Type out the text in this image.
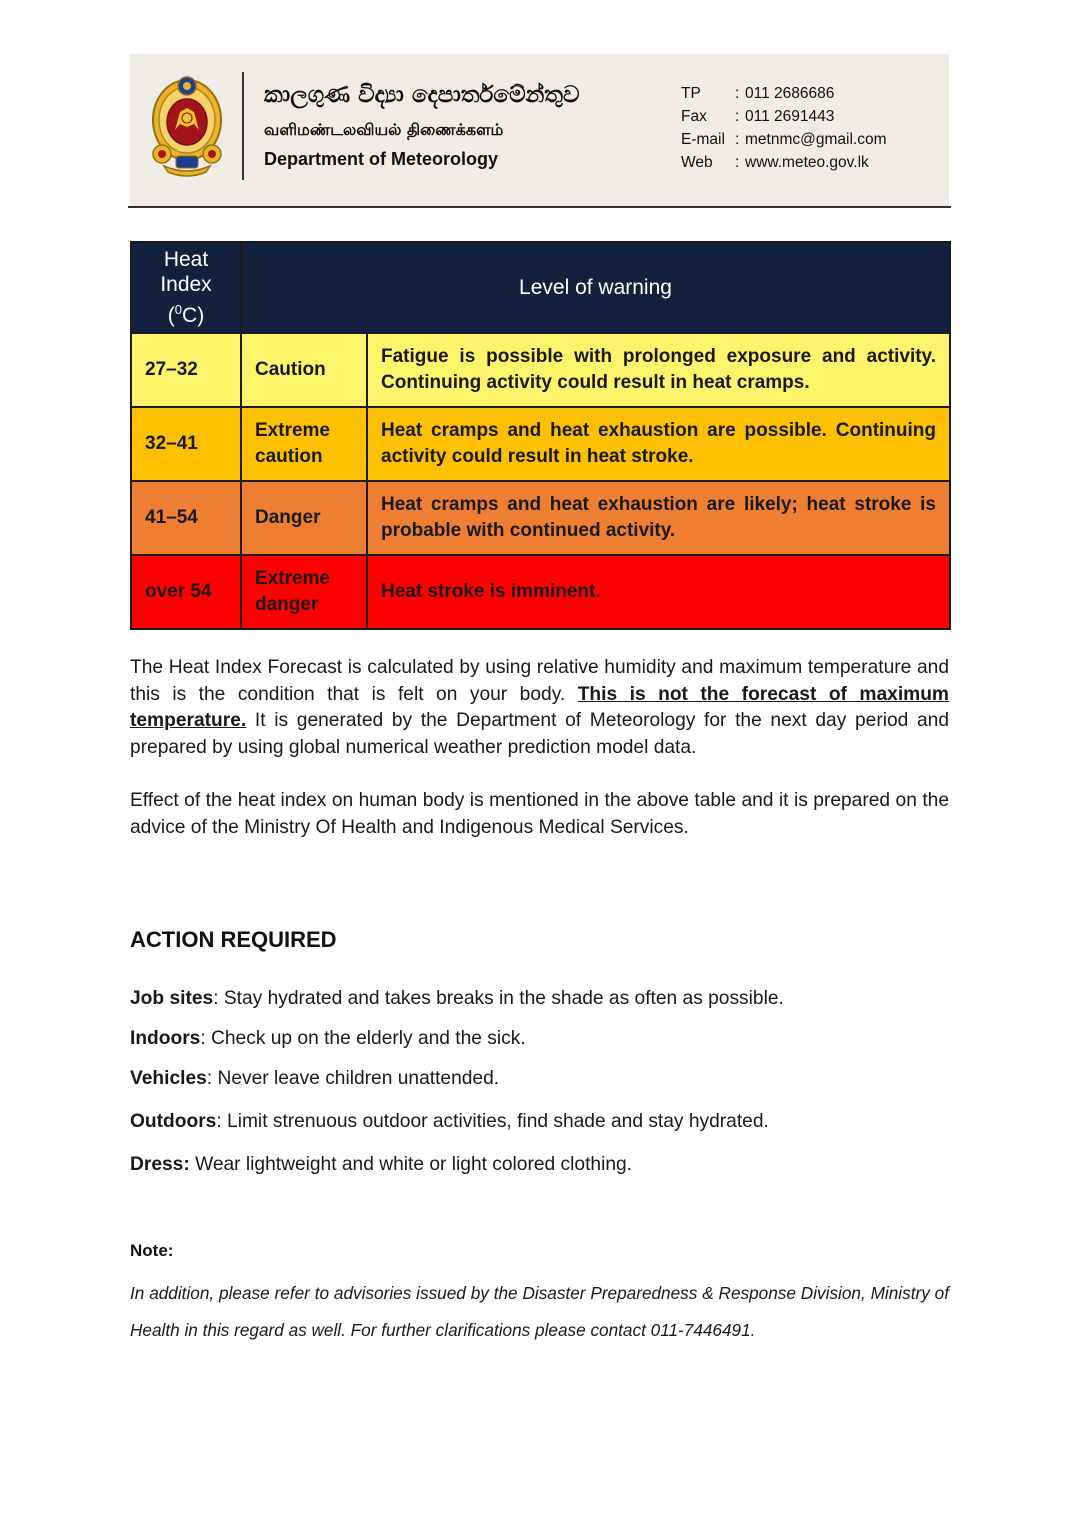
කාලගුණ විද්‍යා දෙපාර්තමේන්තුව
வளிமண்டலவியல் திணைக்களம்
Department of Meteorology
TP	: 011 2686686
Fax	: 011 2691443
E-mail : metnmc@gmail.com
Web	: www.meteo.gov.lk
Heat
Index
($^0$C)	Level of warning	
27–32	Caution	Fatigue is possible with prolonged exposure and activity. Continuing activity could result in heat cramps.
32–41	Extreme caution	Heat cramps and heat exhaustion are possible. Continuing activity could result in heat stroke.
41–54	Danger	Heat cramps and heat exhaustion are likely; heat stroke is probable with continued activity.
over 54	Extreme danger	Heat stroke is imminent.
The Heat Index Forecast is calculated by using relative humidity and maximum temperature and this is the condition that is felt on your body. This is not the forecast of maximum temperature. It is generated by the Department of Meteorology for the next day period and prepared by using global numerical weather prediction model data.
Effect of the heat index on human body is mentioned in the above table and it is prepared on the advice of the Ministry Of Health and Indigenous Medical Services.
ACTION REQUIRED
Job sites: Stay hydrated and takes breaks in the shade as often as possible.
Indoors: Check up on the elderly and the sick.
Vehicles: Never leave children unattended.
Outdoors: Limit strenuous outdoor activities, find shade and stay hydrated.
Dress: Wear lightweight and white or light colored clothing.
Note:
In addition, please refer to advisories issued by the Disaster Preparedness & Response Division, Ministry of Health in this regard as well. For further clarifications please contact 011-7446491.
